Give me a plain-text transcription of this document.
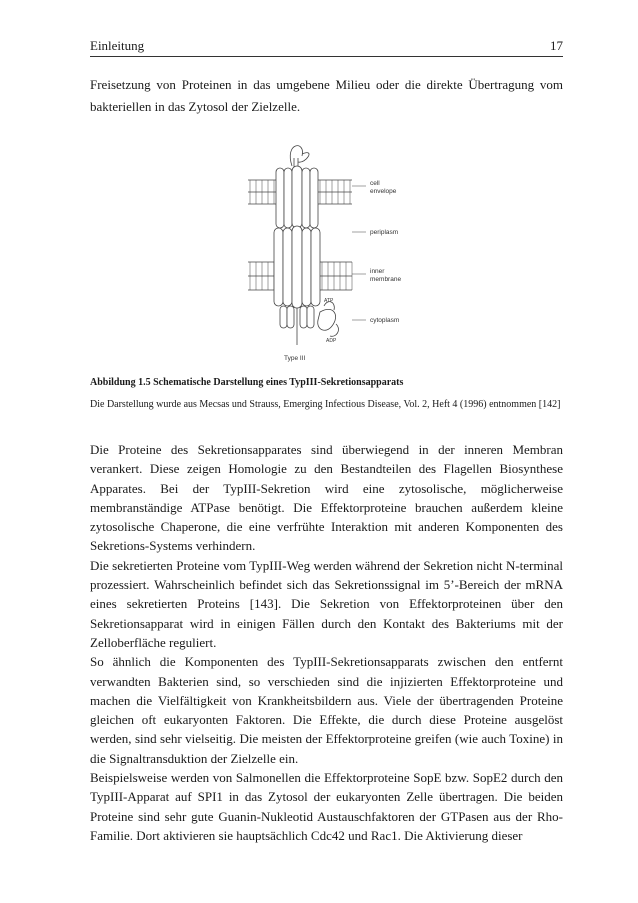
Einleitung	17

Freisetzung von Proteinen in das umgebene Milieu oder die direkte Übertragung vom bakteriellen in das Zytosol der Zielzelle.

cell
envelope
periplasm
inner
membrane
cytoplasm
ATP
ADP
Type III
Abbildung 1.5 Schematische Darstellung eines TypIII-Sekretionsapparats

Die Darstellung wurde aus Mecsas und Strauss, Emerging Infectious Disease, Vol. 2, Heft 4 (1996) entnommen [142]

Die Proteine des Sekretionsapparates sind überwiegend in der inneren Membran verankert. Diese zeigen Homologie zu den Bestandteilen des Flagellen Biosynthese Apparates. Bei der TypIII-Sekretion wird eine zytosolische, möglicherweise membranständige ATPase benötigt. Die Effektorproteine brauchen außerdem kleine zytosolische Chaperone, die eine verfrühte Interaktion mit anderen Komponenten des Sekretions-Systems verhindern.

Die sekretierten Proteine vom TypIII-Weg werden während der Sekretion nicht N-terminal prozessiert. Wahrscheinlich befindet sich das Sekretionssignal im 5’-Bereich der mRNA eines sekretierten Proteins [143]. Die Sekretion von Effektorproteinen über den Sekretionsapparat wird in einigen Fällen durch den Kontakt des Bakteriums mit der Zelloberfläche reguliert.

So ähnlich die Komponenten des TypIII-Sekretionsapparats zwischen den entfernt verwandten Bakterien sind, so verschieden sind die injizierten Effektorproteine und machen die Vielfältigkeit von Krankheitsbildern aus. Viele der übertragenden Proteine gleichen oft eukaryonten Faktoren. Die Effekte, die durch diese Proteine ausgelöst werden, sind sehr vielseitig. Die meisten der Effektorproteine greifen (wie auch Toxine) in die Signaltransduktion der Zielzelle ein.

Beispielsweise werden von Salmonellen die Effektorproteine SopE bzw. SopE2 durch den TypIII-Apparat auf SPI1 in das Zytosol der eukaryonten Zelle übertragen. Die beiden Proteine sind sehr gute Guanin-Nukleotid Austauschfaktoren der GTPasen aus der Rho-Familie. Dort aktivieren sie hauptsächlich Cdc42 und Rac1. Die Aktivierung dieser
